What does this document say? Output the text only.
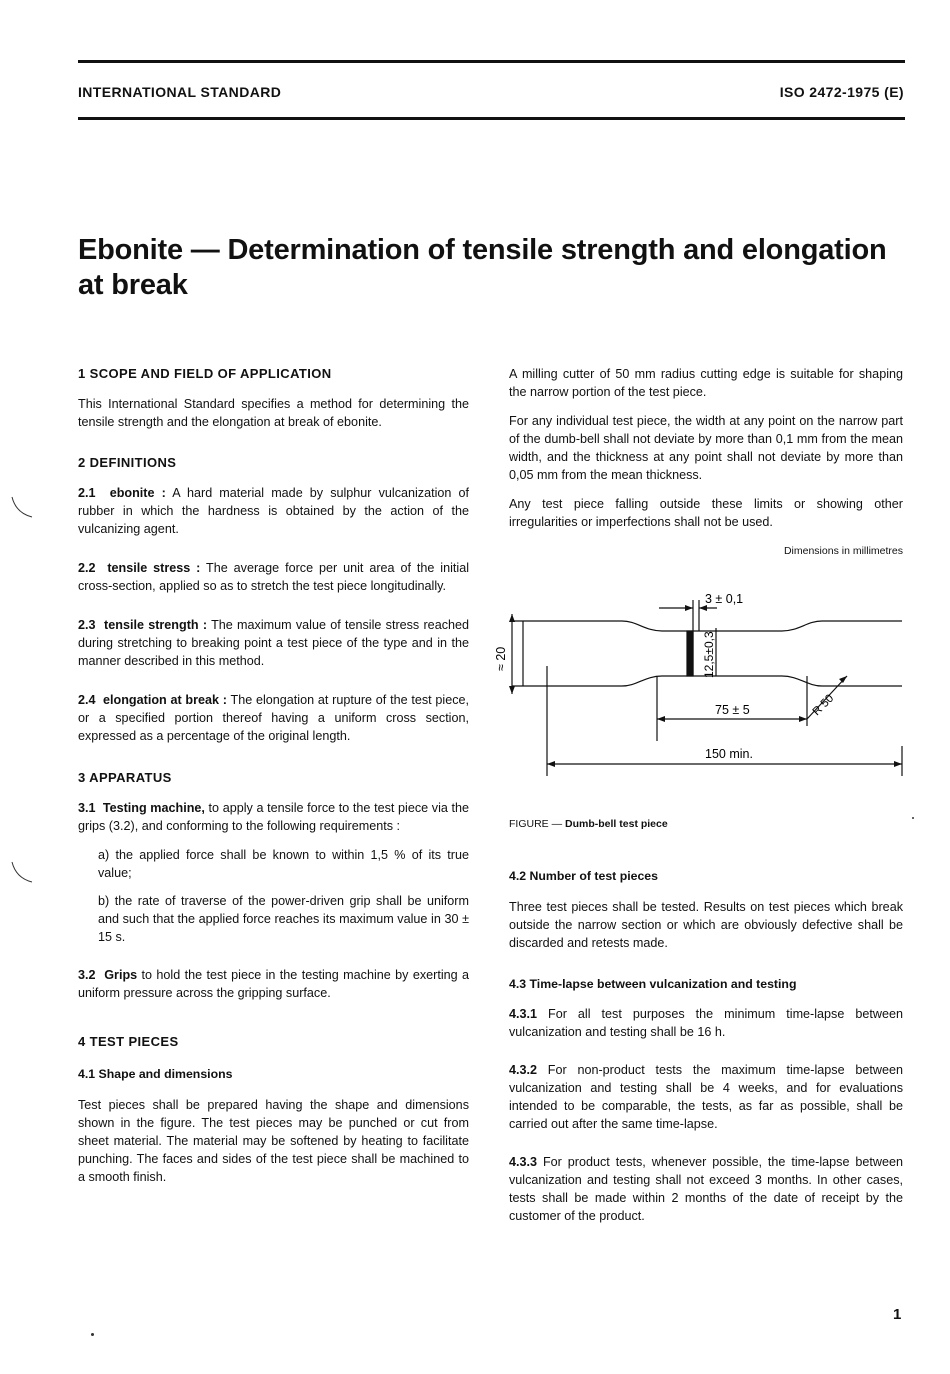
INTERNATIONAL STANDARD	ISO 2472-1975 (E)
Ebonite — Determination of tensile strength and elongation at break

1 SCOPE AND FIELD OF APPLICATION

This International Standard specifies a method for determining the tensile strength and the elongation at break of ebonite.

2 DEFINITIONS

2.1 ebonite : A hard material made by sulphur vulcanization of rubber in which the hardness is obtained by the action of the vulcanizing agent.

2.2 tensile stress : The average force per unit area of the initial cross-section, applied so as to stretch the test piece longitudinally.

2.3 tensile strength : The maximum value of tensile stress reached during stretching to breaking point a test piece of the type and in the manner described in this method.

2.4 elongation at break : The elongation at rupture of the test piece, or a specified portion thereof having a uniform cross section, expressed as a percentage of the original length.

3 APPARATUS

3.1 Testing machine, to apply a tensile force to the test piece via the grips (3.2), and conforming to the following requirements :

a) the applied force shall be known to within 1,5 % of its true value;

b) the rate of traverse of the power-driven grip shall be uniform and such that the applied force reaches its maximum value in 30 ± 15 s.

3.2 Grips to hold the test piece in the testing machine by exerting a uniform pressure across the gripping surface.

4 TEST PIECES

4.1 Shape and dimensions

Test pieces shall be prepared having the shape and dimensions shown in the figure. The test pieces may be punched or cut from sheet material. The material may be softened by heating to facilitate punching. The faces and sides of the test piece shall be machined to a smooth finish.

A milling cutter of 50 mm radius cutting edge is suitable for shaping the narrow portion of the test piece.

For any individual test piece, the width at any point on the narrow part of the dumb-bell shall not deviate by more than 0,1 mm from the mean width, and the thickness at any point shall not deviate by more than 0,05 mm from the mean thickness.

Any test piece falling outside these limits or showing other irregularities or imperfections shall not be used.

Dimensions in millimetres

3 ± 0,1
12,5±0,3
≈ 20
75 ± 5	R 50
150 min.

FIGURE — Dumb-bell test piece

4.2 Number of test pieces

Three test pieces shall be tested. Results on test pieces which break outside the narrow section or which are obviously defective shall be discarded and retests made.

4.3 Time-lapse between vulcanization and testing

4.3.1 For all test purposes the minimum time-lapse between vulcanization and testing shall be 16 h.

4.3.2 For non-product tests the maximum time-lapse between vulcanization and testing shall be 4 weeks, and for evaluations intended to be comparable, the tests, as far as possible, shall be carried out after the same time-lapse.

4.3.3 For product tests, whenever possible, the time-lapse between vulcanization and testing shall not exceed 3 months. In other cases, tests shall be made within 2 months of the date of receipt by the customer of the product.

1
